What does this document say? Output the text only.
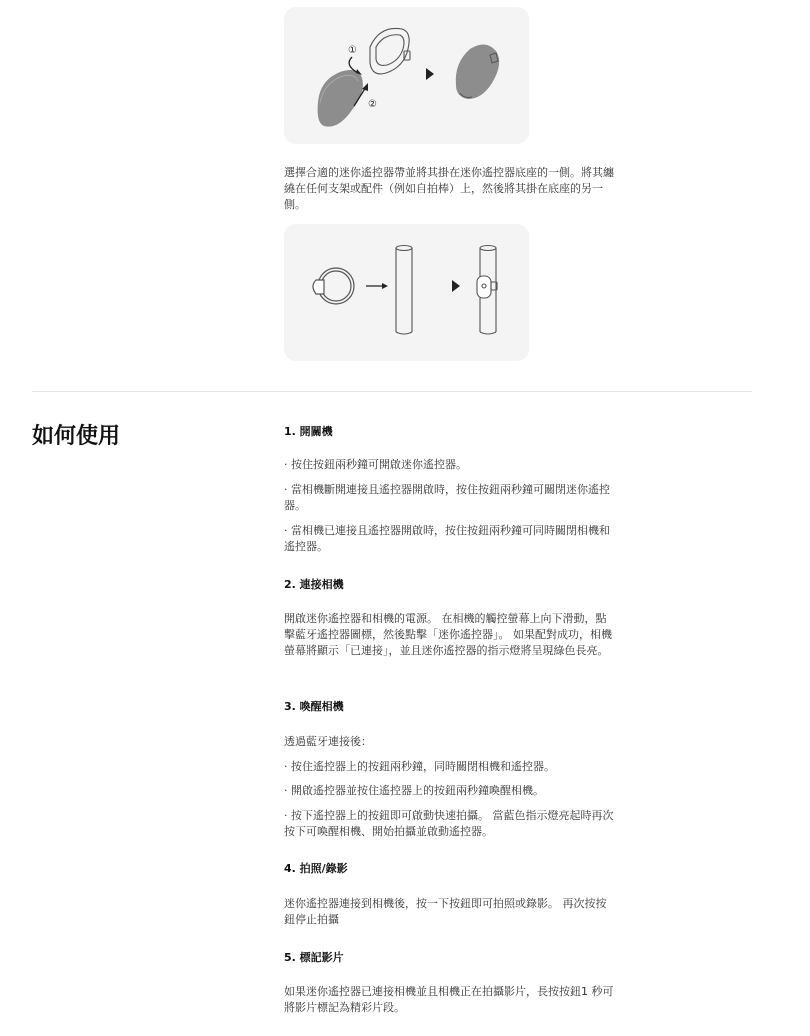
①
②

選擇合適的迷你遙控器帶並將其掛在迷你遙控器底座的一側。將其纏繞在任何支架或配件（例如自拍棒）上，然後將其掛在底座的另一側。

如何使用	1. 開關機

· 按住按鈕兩秒鐘可開啟迷你遙控器。

· 當相機斷開連接且遙控器開啟時，按住按鈕兩秒鐘可關閉迷你遙控器。

· 當相機已連接且遙控器開啟時，按住按鈕兩秒鐘可同時關閉相機和遙控器。

2. 連接相機

開啟迷你遙控器和相機的電源。 在相機的觸控螢幕上向下滑動，點擊藍牙遙控器圖標，然後點擊「迷你遙控器」。 如果配對成功，相機螢幕將顯示「已連接」，並且迷你遙控器的指示燈將呈現綠色長亮。

3. 喚醒相機

透過藍牙連接後：

· 按住遙控器上的按鈕兩秒鐘，同時關閉相機和遙控器。

· 開啟遙控器並按住遙控器上的按鈕兩秒鐘喚醒相機。

· 按下遙控器上的按鈕即可啟動快速拍攝。 當藍色指示燈亮起時再次按下可喚醒相機、開始拍攝並啟動遙控器。

4. 拍照/錄影

迷你遙控器連接到相機後，按一下按鈕即可拍照或錄影。 再次按按鈕停止拍攝

5. 標記影片

如果迷你遙控器已連接相機並且相機正在拍攝影片，長按按鈕1 秒可將影片標記為精彩片段。
